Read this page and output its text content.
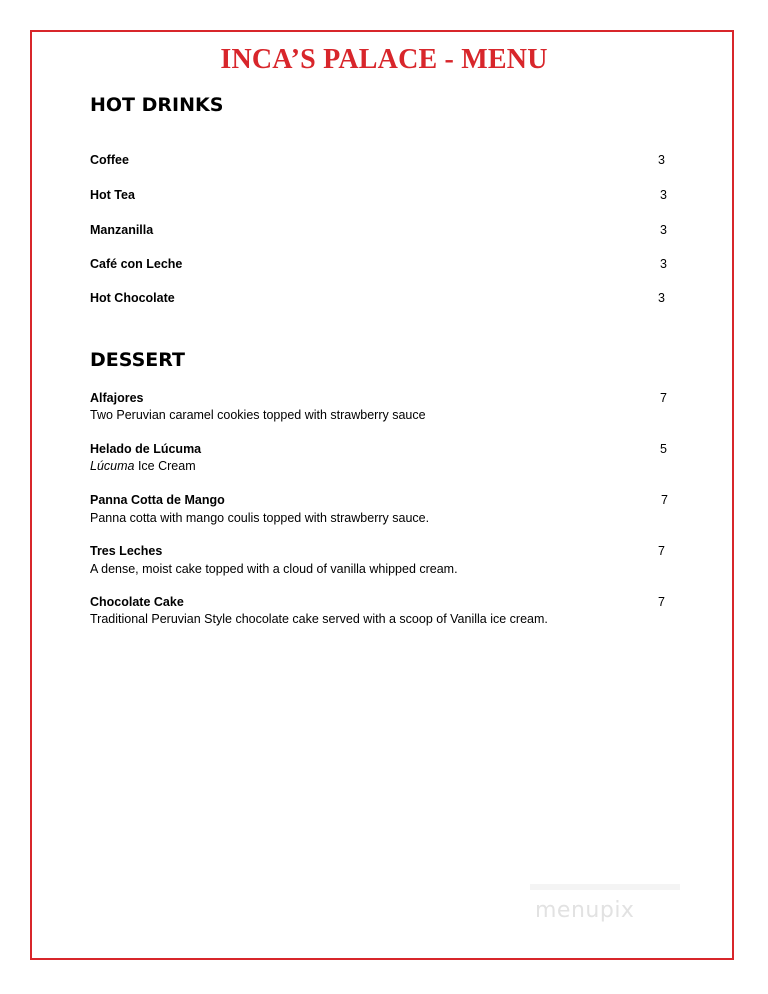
INCA’S PALACE - MENU
HOT DRINKS
Coffee	3
Hot Tea	3
Manzanilla	3
Café con Leche	3
Hot Chocolate	3
DESSERT
Alfajores	7
Two Peruvian caramel cookies topped with strawberry sauce
Helado de Lúcuma	5
Lúcuma Ice Cream
Panna Cotta de Mango	7
Panna cotta with mango coulis topped with strawberry sauce.
Tres Leches	7
A dense, moist cake topped with a cloud of vanilla whipped cream.
Chocolate Cake	7
Traditional Peruvian Style chocolate cake served with a scoop of Vanilla ice cream.
menupix
